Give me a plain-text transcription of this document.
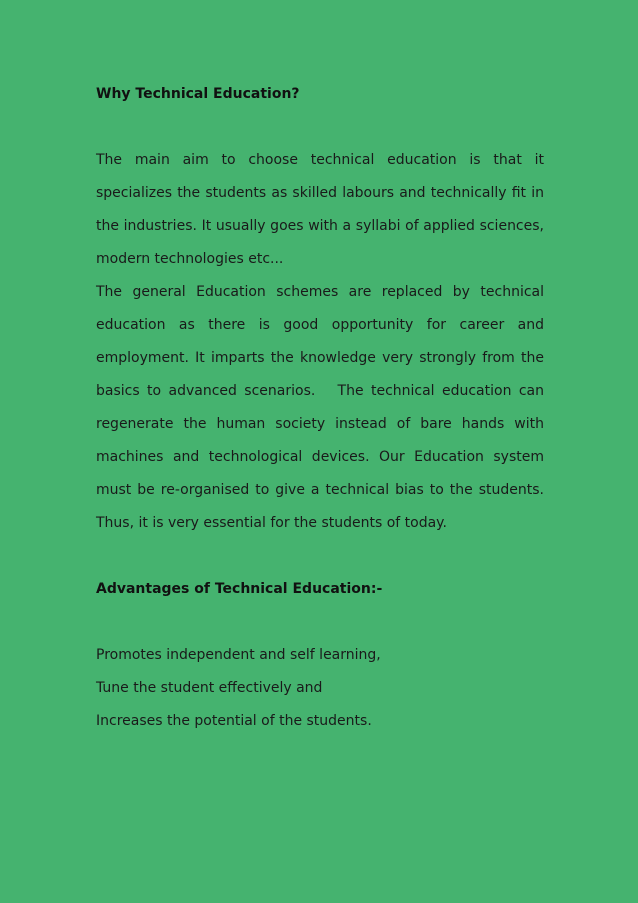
Why Technical Education?

The main aim to choose technical education is that it specializes the students as skilled labours and technically fit in the industries. It usually goes with a syllabi of applied sciences, modern technologies etc...

The general Education schemes are replaced by technical education as there is good opportunity for career and employment. It imparts the knowledge very strongly from the basics to advanced scenarios.   The technical education can regenerate the human society instead of bare hands with machines and technological devices. Our Education system must be re-organised to give a technical bias to the students. Thus, it is very essential for the students of today.

Advantages of Technical Education:-

Promotes independent and self learning,

Tune the student effectively and

Increases the potential of the students.
